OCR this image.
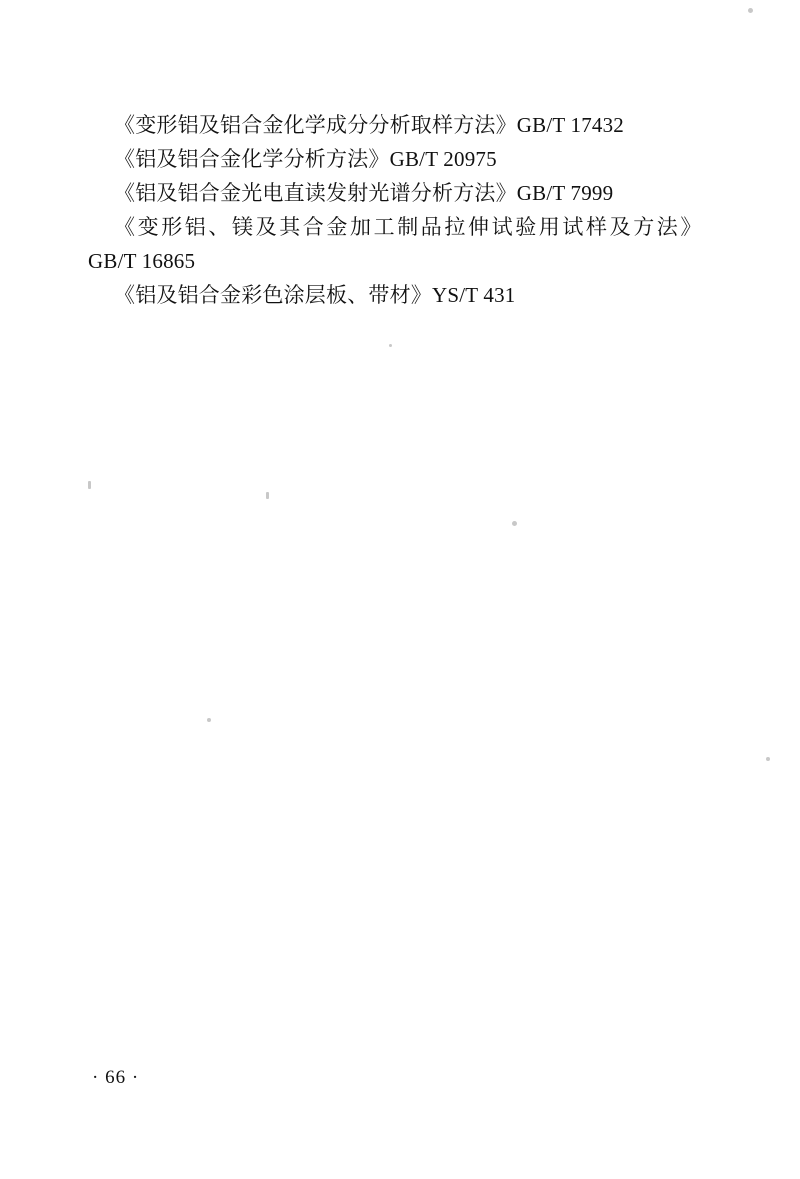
《变形铝及铝合金化学成分分析取样方法》GB/T 17432
《铝及铝合金化学分析方法》GB/T 20975
《铝及铝合金光电直读发射光谱分析方法》GB/T 7999
《变形铝、镁及其合金加工制品拉伸试验用试样及方法》
GB/T 16865
《铝及铝合金彩色涂层板、带材》YS/T 431
· 66 ·
